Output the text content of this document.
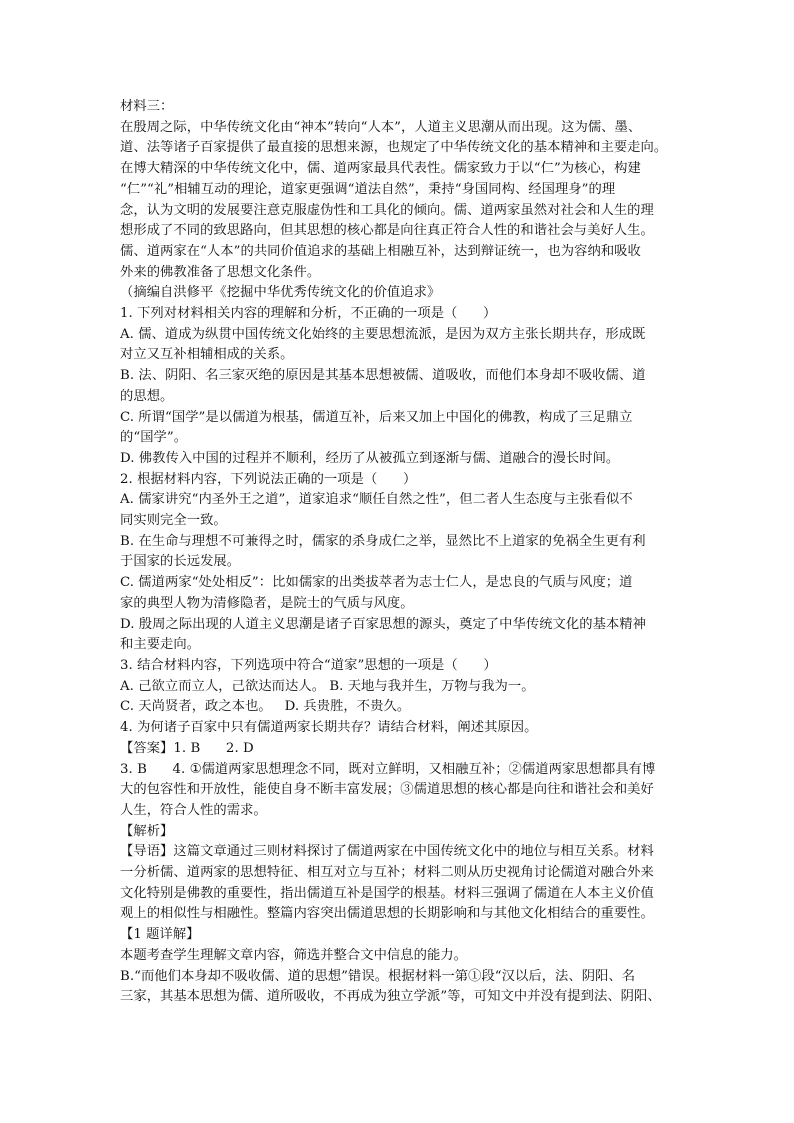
材料三：

在殷周之际，中华传统文化由“神本”转向“人本”，人道主义思潮从而出现。这为儒、墨、

道、法等诸子百家提供了最直接的思想来源，也规定了中华传统文化的基本精神和主要走向。

在博大精深的中华传统文化中，儒、道两家最具代表性。儒家致力于以“仁”为核心，构建

“仁”“礼”相辅互动的理论，道家更强调“道法自然”，秉持“身国同构、经国理身”的理

念，认为文明的发展要注意克服虚伪性和工具化的倾向。儒、道两家虽然对社会和人生的理

想形成了不同的致思路向，但其思想的核心都是向往真正符合人性的和谐社会与美好人生。

儒、道两家在“人本”的共同价值追求的基础上相融互补，达到辩证统一，也为容纳和吸收

外来的佛教准备了思想文化条件。

（摘编自洪修平《挖掘中华优秀传统文化的价值追求》

1. 下列对材料相关内容的理解和分析，不正确的一项是（      ）

A. 儒、道成为纵贯中国传统文化始终的主要思想流派，是因为双方主张长期共存，形成既

对立又互补相辅相成的关系。

B. 法、阴阳、名三家灭绝的原因是其基本思想被儒、道吸收，而他们本身却不吸收儒、道

的思想。

C. 所谓“国学”是以儒道为根基，儒道互补，后来又加上中国化的佛教，构成了三足鼎立

的“国学”。

D. 佛教传入中国的过程并不顺利，经历了从被孤立到逐渐与儒、道融合的漫长时间。

2. 根据材料内容，下列说法正确的一项是（      ）

A. 儒家讲究“内圣外王之道”，道家追求“顺任自然之性”，但二者人生态度与主张看似不

同实则完全一致。

B. 在生命与理想不可兼得之时，儒家的杀身成仁之举，显然比不上道家的免祸全生更有利

于国家的长远发展。

C. 儒道两家“处处相反”：比如儒家的出类拔萃者为志士仁人，是忠良的气质与风度；道

家的典型人物为清修隐者，是院士的气质与风度。

D. 殷周之际出现的人道主义思潮是诸子百家思想的源头，奠定了中华传统文化的基本精神

和主要走向。

3. 结合材料内容，下列选项中符合“道家”思想的一项是（      ）

A. 己欲立而立人，己欲达而达人。 B. 天地与我并生，万物与我为一。

C. 天尚贤者，政之本也。   D. 兵贵胜，不贵久。

4. 为何诸子百家中只有儒道两家长期共存？请结合材料，阐述其原因。

【答案】1. B      2. D

3. B      4. ①儒道两家思想理念不同，既对立鲜明，又相融互补；②儒道两家思想都具有博

大的包容性和开放性，能使自身不断丰富发展；③儒道思想的核心都是向往和谐社会和美好

人生，符合人性的需求。

【解析】

【导语】这篇文章通过三则材料探讨了儒道两家在中国传统文化中的地位与相互关系。材料

一分析儒、道两家的思想特征、相互对立与互补；材料二则从历史视角讨论儒道对融合外来

文化特别是佛教的重要性，指出儒道互补是国学的根基。材料三强调了儒道在人本主义价值

观上的相似性与相融性。整篇内容突出儒道思想的长期影响和与其他文化相结合的重要性。

【1 题详解】

本题考查学生理解文章内容，筛选并整合文中信息的能力。

B.“而他们本身却不吸收儒、道的思想”错误。根据材料一第①段“汉以后，法、阴阳、名

三家，其基本思想为儒、道所吸收，不再成为独立学派”等，可知文中并没有提到法、阴阳、
